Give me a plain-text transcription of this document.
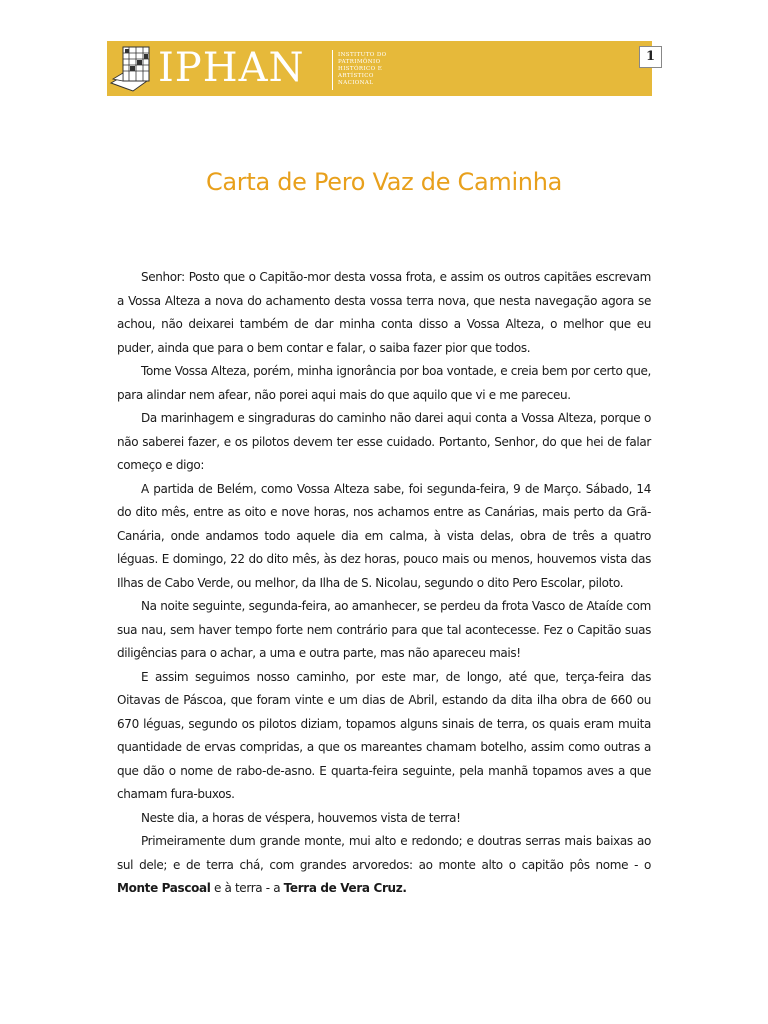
IPHAN	INSTITUTO DO
PATRIMÔNIO
HISTÓRICO E
ARTÍSTICO
NACIONAL
1
Carta de Pero Vaz de Caminha

Senhor: Posto que o Capitão-mor desta vossa frota, e assim os outros capitães escrevam a Vossa Alteza a nova do achamento desta vossa terra nova, que nesta navegação agora se achou, não deixarei também de dar minha conta disso a Vossa Alteza, o melhor que eu puder, ainda que para o bem contar e falar, o saiba fazer pior que todos.

Tome Vossa Alteza, porém, minha ignorância por boa vontade, e creia bem por certo que, para alindar nem afear, não porei aqui mais do que aquilo que vi e me pareceu.

Da marinhagem e singraduras do caminho não darei aqui conta a Vossa Alteza, porque o não saberei fazer, e os pilotos devem ter esse cuidado. Portanto, Senhor, do que hei de falar começo e digo:

A partida de Belém, como Vossa Alteza sabe, foi segunda-feira, 9 de Março. Sábado, 14 do dito mês, entre as oito e nove horas, nos achamos entre as Canárias, mais perto da Grã-Canária, onde andamos todo aquele dia em calma, à vista delas, obra de três a quatro léguas. E domingo, 22 do dito mês, às dez horas, pouco mais ou menos, houvemos vista das Ilhas de Cabo Verde, ou melhor, da Ilha de S. Nicolau, segundo o dito Pero Escolar, piloto.

Na noite seguinte, segunda-feira, ao amanhecer, se perdeu da frota Vasco de Ataíde com sua nau, sem haver tempo forte nem contrário para que tal acontecesse. Fez o Capitão suas diligências para o achar, a uma e outra parte, mas não apareceu mais!

E assim seguimos nosso caminho, por este mar, de longo, até que, terça-feira das Oitavas de Páscoa, que foram vinte e um dias de Abril, estando da dita ilha obra de 660 ou 670 léguas, segundo os pilotos diziam, topamos alguns sinais de terra, os quais eram muita quantidade de ervas compridas, a que os mareantes chamam botelho, assim como outras a que dão o nome de rabo-de-asno. E quarta-feira seguinte, pela manhã topamos aves a que chamam fura-buxos.

Neste dia, a horas de véspera, houvemos vista de terra!

Primeiramente dum grande monte, mui alto e redondo; e doutras serras mais baixas ao sul dele; e de terra chá, com grandes arvoredos: ao monte alto o capitão pôs nome - o Monte Pascoal e à terra - a Terra de Vera Cruz.
